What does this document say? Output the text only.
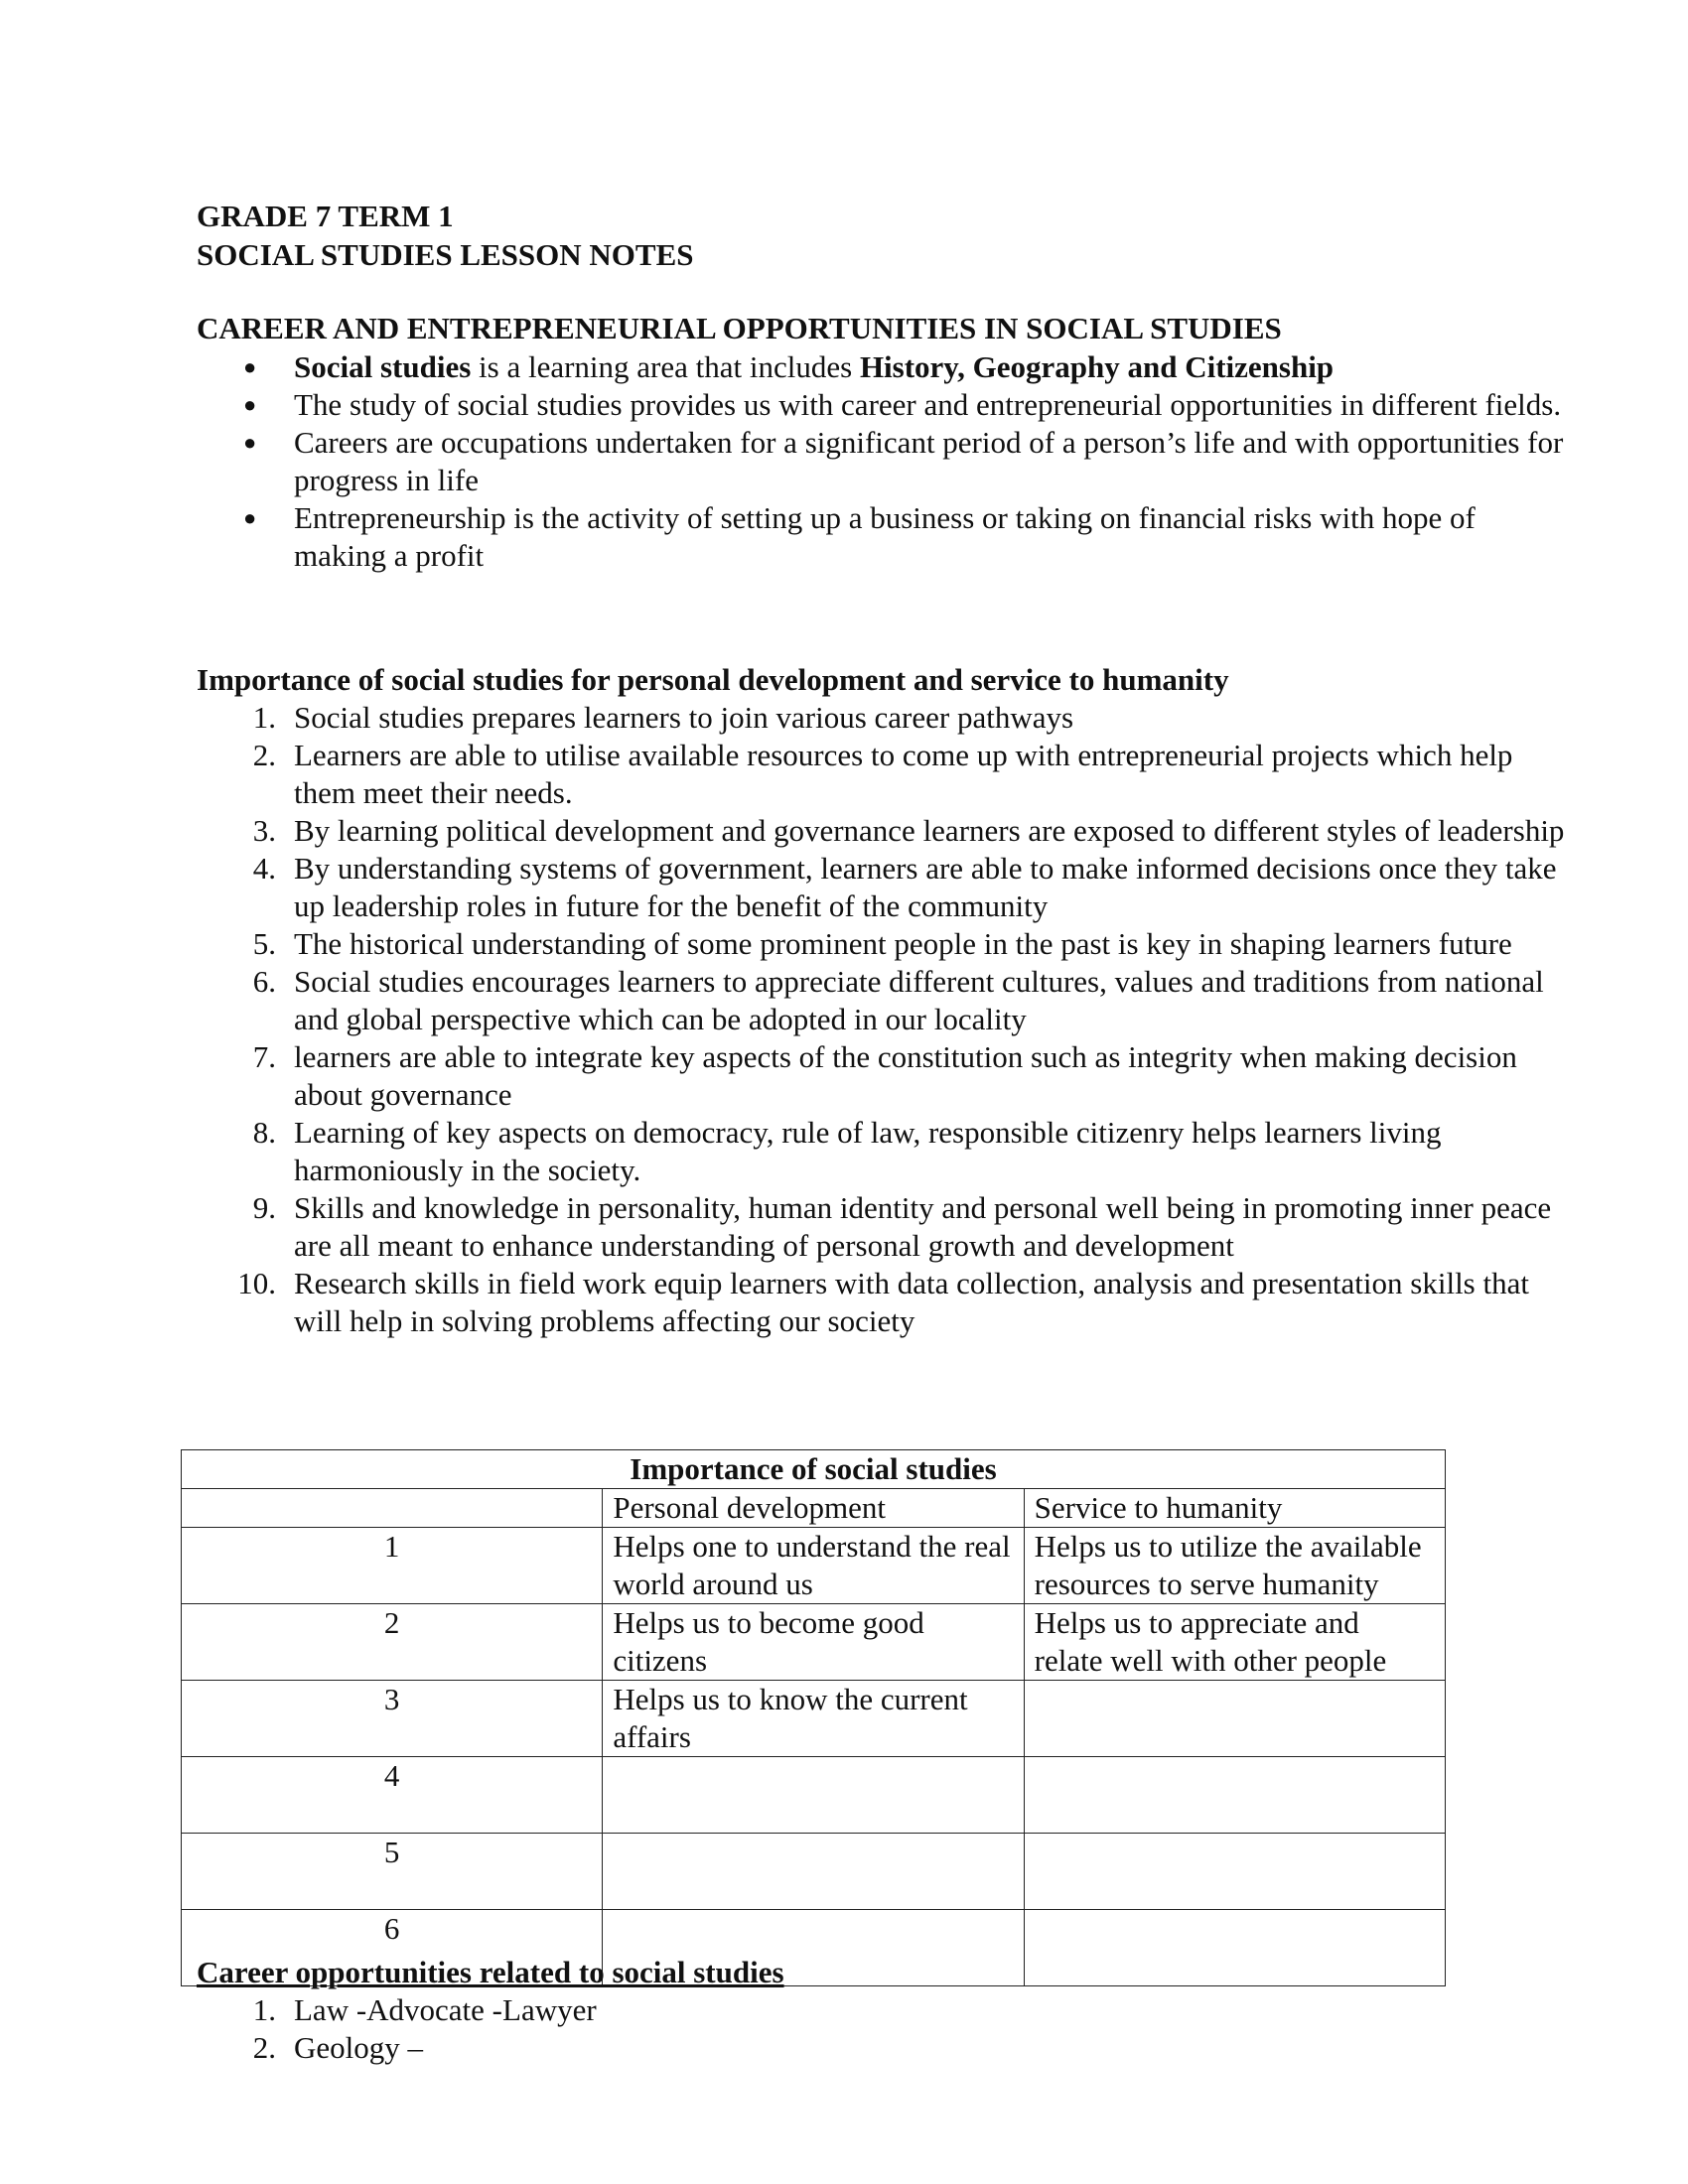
GRADE 7 TERM 1
SOCIAL STUDIES LESSON NOTES
CAREER AND ENTREPRENEURIAL OPPORTUNITIES IN SOCIAL STUDIES
● Social studies is a learning area that includes History, Geography and Citizenship
● The study of social studies provides us with career and entrepreneurial opportunities in different fields.
● Careers are occupations undertaken for a significant period of a person’s life and with opportunities for progress in life
● Entrepreneurship is the activity of setting up a business or taking on financial risks with hope of making a profit
Importance of social studies for personal development and service to humanity
1. Social studies prepares learners to join various career pathways
2. Learners are able to utilise available resources to come up with entrepreneurial projects which help them meet their needs.
3. By learning political development and governance learners are exposed to different styles of leadership
4. By understanding systems of government, learners are able to make informed decisions once they take up leadership roles in future for the benefit of the community
5. The historical understanding of some prominent people in the past is key in shaping learners future
6. Social studies encourages learners to appreciate different cultures, values and traditions from national and global perspective which can be adopted in our locality
7. learners are able to integrate key aspects of the constitution such as integrity when making decision about governance
8. Learning of key aspects on democracy, rule of law, responsible citizenry helps learners living harmoniously in the society.
9. Skills and knowledge in personality, human identity and personal well being in promoting inner peace are all meant to enhance understanding of personal growth and development
10. Research skills in field work equip learners with data collection, analysis and presentation skills that will help in solving problems affecting our society
Importance of social studies		
	Personal development	Service to humanity
1	Helps one to understand the real world around us	Helps us to utilize the available resources to serve humanity
2	Helps us to become good citizens	Helps us to appreciate and relate well with other people
3	Helps us to know the current affairs	
4		
5		
6		
Career opportunities related to social studies
1. Law -Advocate -Lawyer
2. Geology –
